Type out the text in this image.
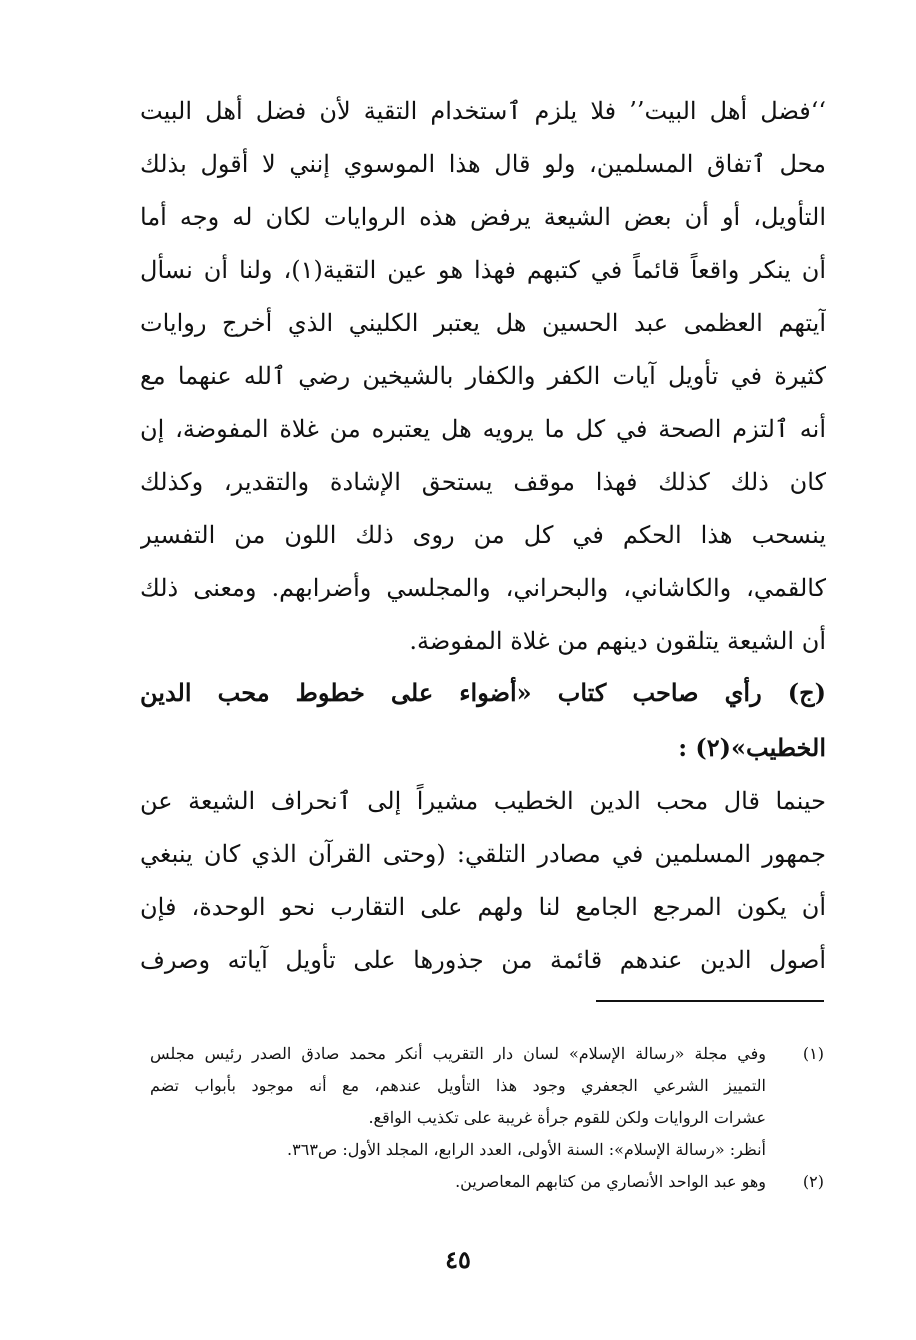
‘‘فضل أهل البيت’’ فلا يلزم ٱستخدام التقية لأن فضل أهل البيت
محل ٱتفاق المسلمين، ولو قال هذا الموسوي إنني لا أقول بذلك
التأويل، أو أن بعض الشيعة يرفض هذه الروايات لكان له وجه أما
أن ينكر واقعاً قائماً في كتبهم فهذا هو عين التقية(١)، ولنا أن نسأل
آيتهم العظمى عبد الحسين هل يعتبر الكليني الذي أخرج روايات
كثيرة في تأويل آيات الكفر والكفار بالشيخين رضي ٱلله عنهما مع
أنه ٱلتزم الصحة في كل ما يرويه هل يعتبره من غلاة المفوضة، إن
كان ذلك كذلك فهذا موقف يستحق الإشادة والتقدير، وكذلك
ينسحب هذا الحكم في كل من روى ذلك اللون من التفسير
كالقمي، والكاشاني، والبحراني، والمجلسي وأضرابهم. ومعنى ذلك
أن الشيعة يتلقون دينهم من غلاة المفوضة.
(ج) رأي صاحب كتاب «أضواء على خطوط محب الدين
الخطيب»(٢) :
حينما قال محب الدين الخطيب مشيراً إلى ٱنحراف الشيعة عن
جمهور المسلمين في مصادر التلقي: (وحتى القرآن الذي كان ينبغي
أن يكون المرجع الجامع لنا ولهم على التقارب نحو الوحدة، فإن
أصول الدين عندهم قائمة من جذورها على تأويل آياته وصرف
(١)
وفي مجلة «رسالة الإسلام» لسان دار التقريب أنكر محمد صادق الصدر رئيس مجلس
التمييز الشرعي الجعفري وجود هذا التأويل عندهم، مع أنه موجود بأبواب تضم
عشرات الروايات ولكن للقوم جرأة غريبة على تكذيب الواقع.
أنظر: «رسالة الإسلام»: السنة الأولى، العدد الرابع، المجلد الأول: ص٣٦٣.
(٢)
وهو عبد الواحد الأنصاري من كتابهم المعاصرين.
٤٥
